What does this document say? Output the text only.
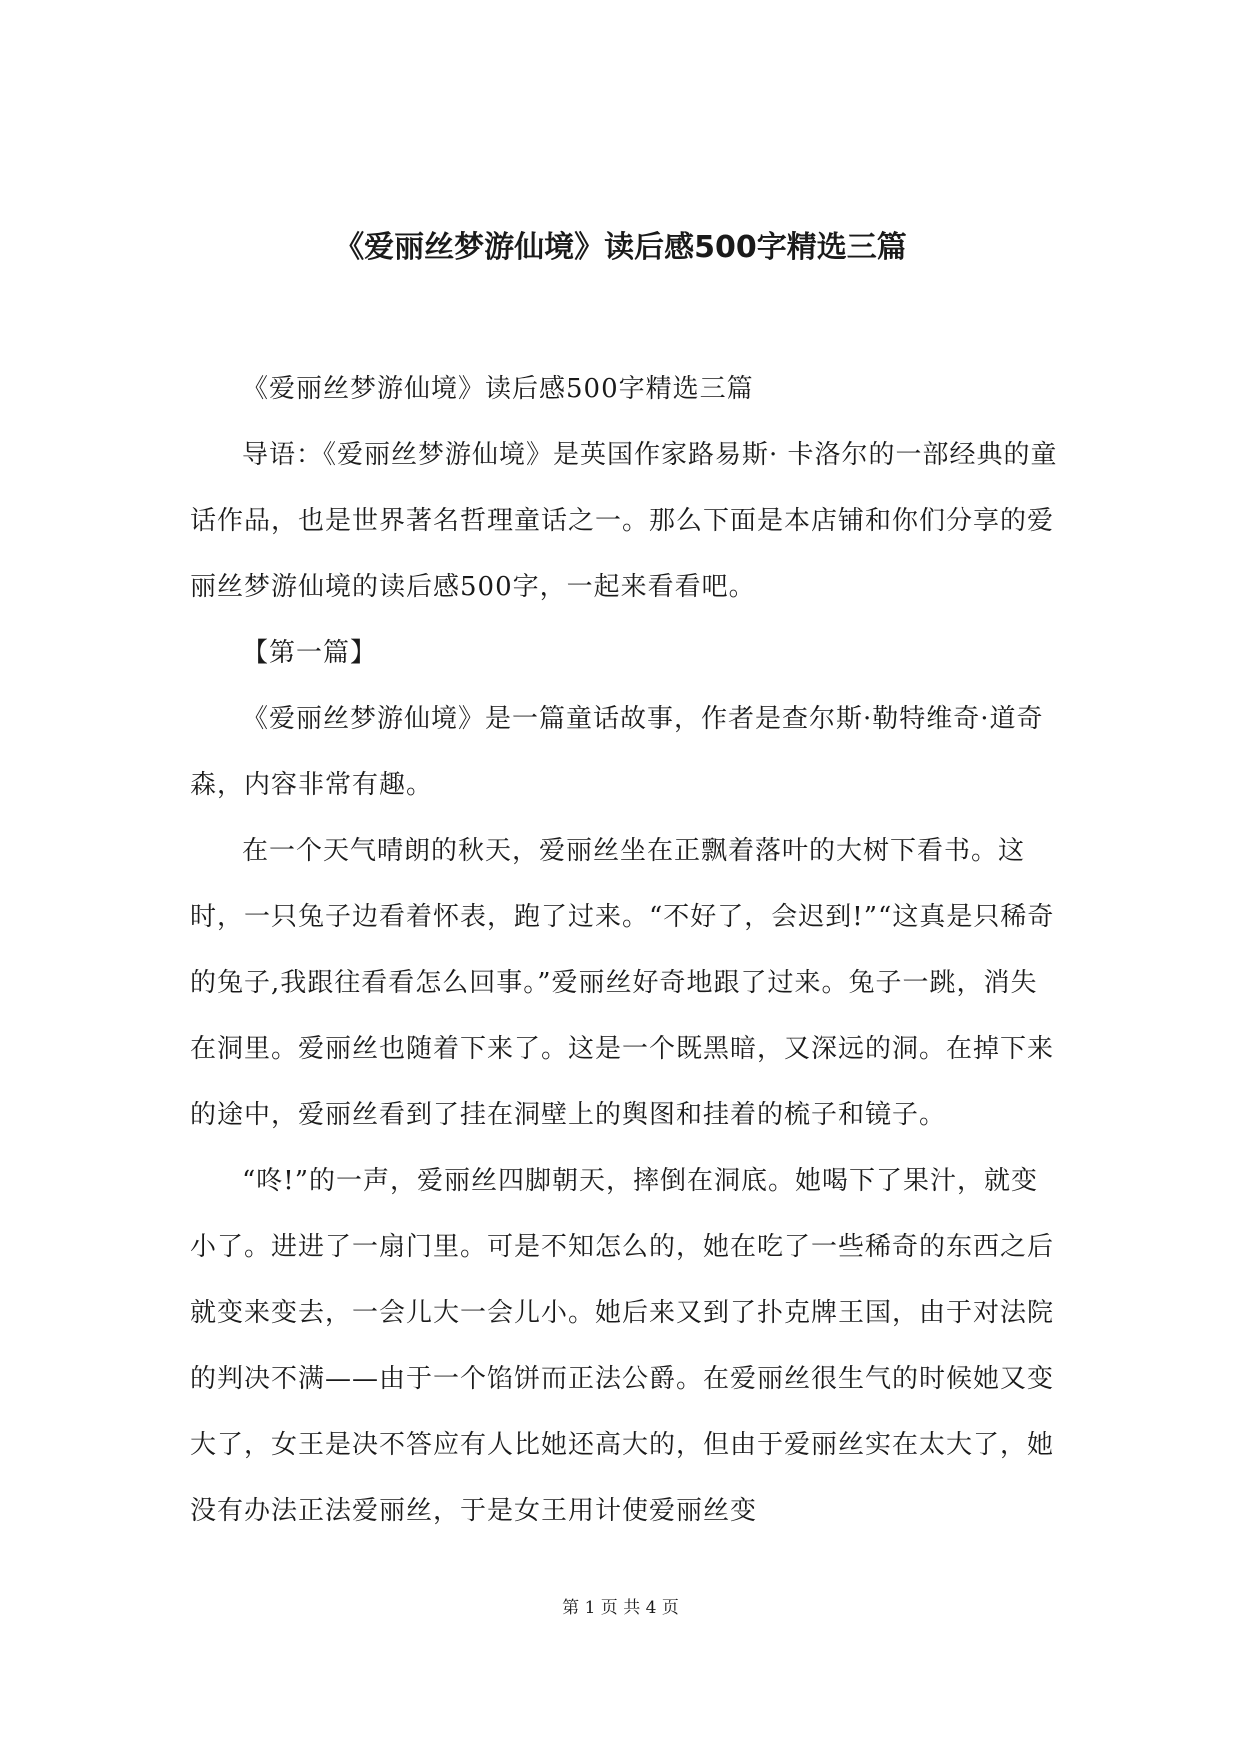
《爱丽丝梦游仙境》读后感500字精选三篇

《爱丽丝梦游仙境》读后感500字精选三篇

导语：《爱丽丝梦游仙境》是英国作家路易斯· 卡洛尔的一部经典的童话作品，也是世界著名哲理童话之一。那么下面是本店铺和你们分享的爱丽丝梦游仙境的读后感500字，一起来看看吧。

【第一篇】

《爱丽丝梦游仙境》是一篇童话故事，作者是查尔斯·勒特维奇·道奇森，内容非常有趣。

在一个天气晴朗的秋天，爱丽丝坐在正飘着落叶的大树下看书。这时，一只兔子边看着怀表，跑了过来。“不好了，会迟到!”“这真是只稀奇的兔子,我跟往看看怎么回事。”爱丽丝好奇地跟了过来。兔子一跳，消失在洞里。爱丽丝也随着下来了。这是一个既黑暗，又深远的洞。在掉下来的途中，爱丽丝看到了挂在洞壁上的舆图和挂着的梳子和镜子。

“咚!”的一声，爱丽丝四脚朝天，摔倒在洞底。她喝下了果汁，就变小了。进进了一扇门里。可是不知怎么的，她在吃了一些稀奇的东西之后就变来变去，一会儿大一会儿小。她后来又到了扑克牌王国，由于对法院的判决不满——由于一个馅饼而正法公爵。在爱丽丝很生气的时候她又变大了，女王是决不答应有人比她还高大的，但由于爱丽丝实在太大了，她没有办法正法爱丽丝，于是女王用计使爱丽丝变

第 1 页 共 4 页
